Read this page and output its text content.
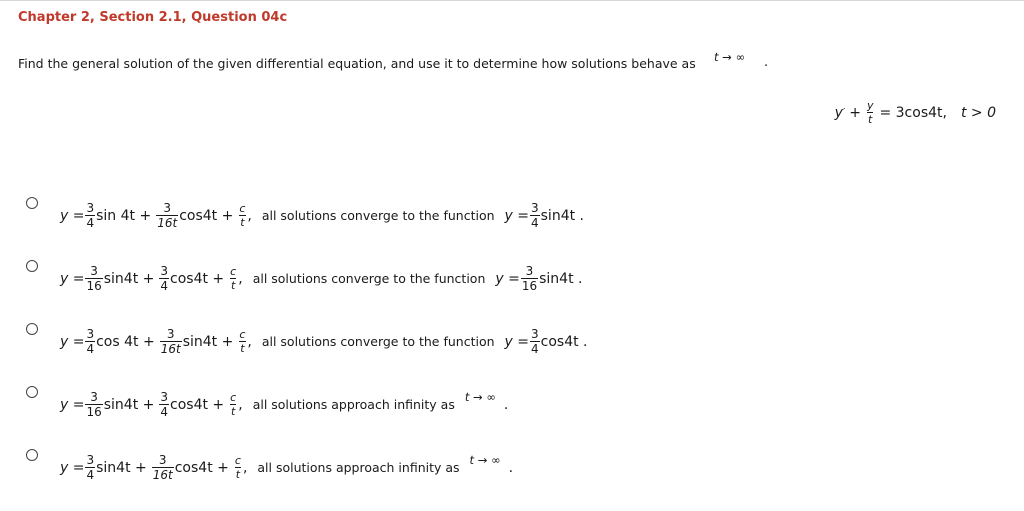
Chapter 2, Section 2.1, Question 04c
Find the general solution of the given differential equation, and use it to determine how solutions behave as t → ∞ .
y ′ + $\frac{y}{t} = 3\cos 4t$, t > 0
$y = \frac{3}{4}$ $\sin 4t + \frac{3}{16t} \cos 4t + \frac{c}{t}$ , all solutions converge to the function $y = \frac{3}{4} \sin 4t$ .
$y = \frac{3}{16} \sin 4t + \frac{3}{4} \cos 4t + \frac{c}{t}$ , all solutions converge to the function $y = \frac{3}{16} \sin 4t$ .
$y = \frac{3}{4}$ $\cos 4t + \frac{3}{16t} \sin 4t + \frac{c}{t}$ , all solutions converge to the function $y = \frac{3}{4} \cos 4t$ .
$y = \frac{3}{16} \sin 4t + \frac{3}{4} \cos 4t + \frac{c}{t}$ , all solutions approach infinity as
t → ∞ .
$y = \frac{3}{4} \sin 4t + \frac{3}{16t} \cos 4t + \frac{c}{t}$ , all solutions approach infinity as
t → ∞ .
